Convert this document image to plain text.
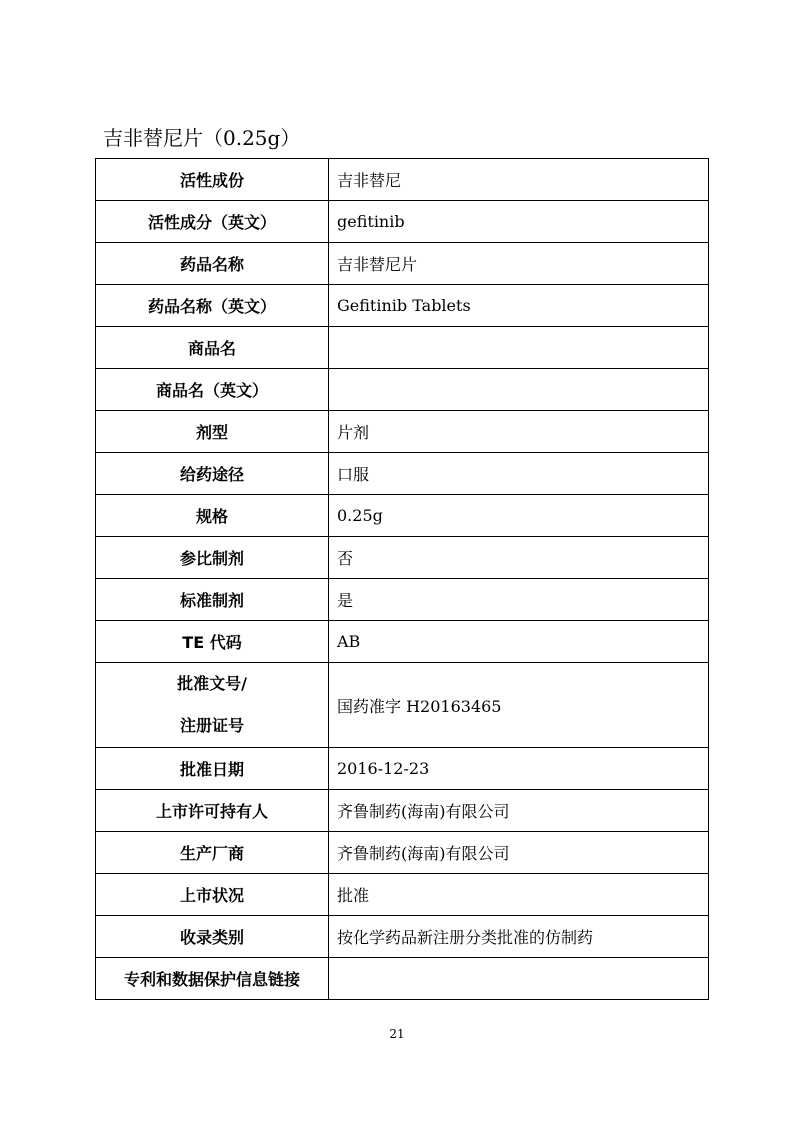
吉非替尼片（0.25g）
活性成份	吉非替尼
活性成分（英文）	gefitinib
药品名称	吉非替尼片
药品名称（英文）	Gefitinib Tablets
商品名	
商品名（英文）	
剂型	片剂
给药途径	口服
规格	0.25g
参比制剂	否
标准制剂	是
TE 代码	AB

批准文号/
注册证号	国药准字 H20163465
批准日期	2016-12-23
上市许可持有人	齐鲁制药(海南)有限公司
生产厂商	齐鲁制药(海南)有限公司
上市状况	批准
收录类别	按化学药品新注册分类批准的仿制药
专利和数据保护信息链接	
21
